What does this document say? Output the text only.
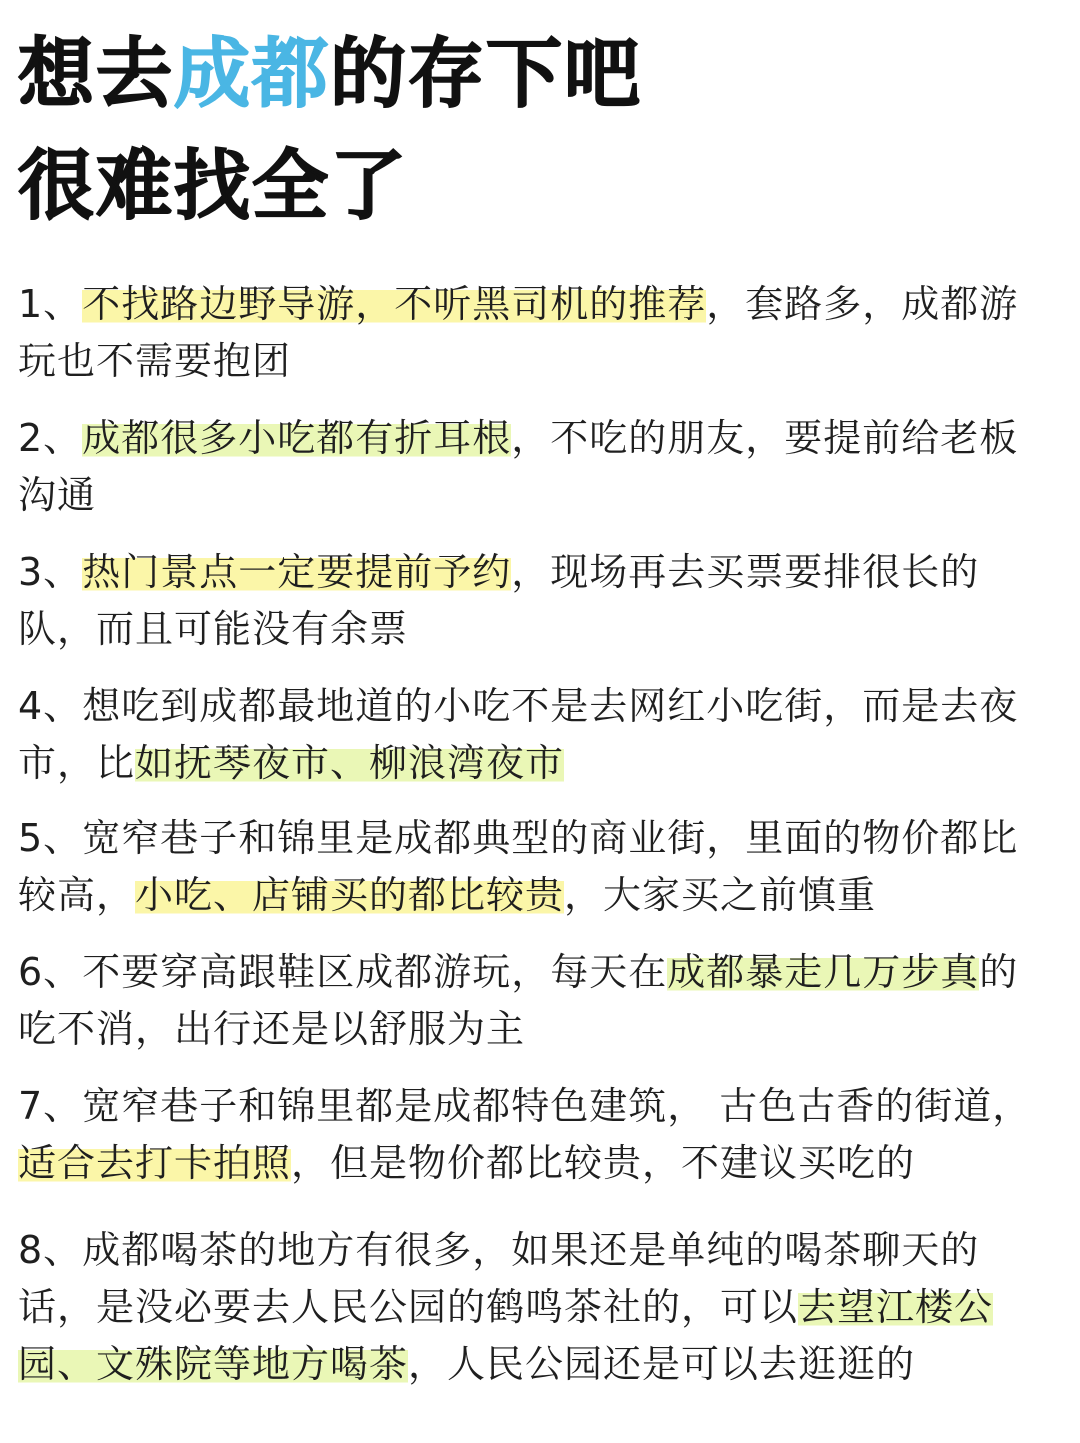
想去成都的存下吧
很难找全了

1、不找路边野导游，不听黑司机的推荐，套路多，成都游玩也不需要抱团

2、成都很多小吃都有折耳根，不吃的朋友，要提前给老板沟通

3、热门景点一定要提前予约，现场再去买票要排很长的队，而且可能没有余票

4、想吃到成都最地道的小吃不是去网红小吃街，而是去夜市，比如抚琴夜市、柳浪湾夜市

5、宽窄巷子和锦里是成都典型的商业街，里面的物价都比较高，小吃、店铺买的都比较贵，大家买之前慎重

6、不要穿高跟鞋区成都游玩，每天在成都暴走几万步真的吃不消，出行还是以舒服为主

7、宽窄巷子和锦里都是成都特色建筑， 古色古香的街道，适合去打卡拍照，但是物价都比较贵，不建议买吃的

8、成都喝茶的地方有很多，如果还是单纯的喝茶聊天的话，是没必要去人民公园的鹤鸣茶社的，可以去望江楼公园、文殊院等地方喝茶，人民公园还是可以去逛逛的
